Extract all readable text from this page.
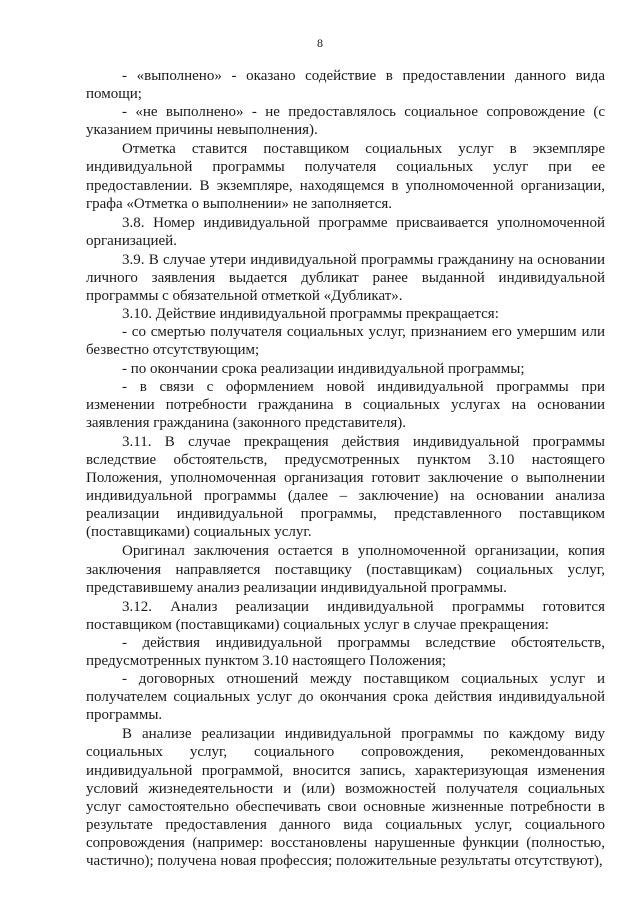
8

- «выполнено» - оказано содействие в предоставлении данного вида помощи;

- «не выполнено» - не предоставлялось социальное сопровождение (с указанием причины невыполнения).

Отметка ставится поставщиком социальных услуг в экземпляре индивидуальной программы получателя социальных услуг при ее предоставлении. В экземпляре, находящемся в уполномоченной организации, графа «Отметка о выполнении» не заполняется.

3.8. Номер индивидуальной программе присваивается уполномоченной организацией.

3.9. В случае утери индивидуальной программы гражданину на основании личного заявления выдается дубликат ранее выданной индивидуальной программы с обязательной отметкой «Дубликат».

3.10. Действие индивидуальной программы прекращается:

- со смертью получателя социальных услуг, признанием его умершим или безвестно отсутствующим;

- по окончании срока реализации индивидуальной программы;

- в связи с оформлением новой индивидуальной программы при изменении потребности гражданина в социальных услугах на основании заявления гражданина (законного представителя).

3.11. В случае прекращения действия индивидуальной программы вследствие обстоятельств, предусмотренных пунктом 3.10 настоящего Положения, уполномоченная организация готовит заключение о выполнении индивидуальной программы (далее – заключение) на основании анализа реализации индивидуальной программы, представленного поставщиком (поставщиками) социальных услуг.

Оригинал заключения остается в уполномоченной организации, копия заключения направляется поставщику (поставщикам) социальных услуг, представившему анализ реализации индивидуальной программы.

3.12. Анализ реализации индивидуальной программы готовится поставщиком (поставщиками) социальных услуг в случае прекращения:

- действия индивидуальной программы вследствие обстоятельств, предусмотренных пунктом 3.10 настоящего Положения;

- договорных отношений между поставщиком социальных услуг и получателем социальных услуг до окончания срока действия индивидуальной программы.

В анализе реализации индивидуальной программы по каждому виду социальных услуг, социального сопровождения, рекомендованных индивидуальной программой, вносится запись, характеризующая изменения условий жизнедеятельности и (или) возможностей получателя социальных услуг самостоятельно обеспечивать свои основные жизненные потребности в результате предоставления данного вида социальных услуг, социального сопровождения (например: восстановлены нарушенные функции (полностью, частично); получена новая профессия; положительные результаты отсутствуют),
